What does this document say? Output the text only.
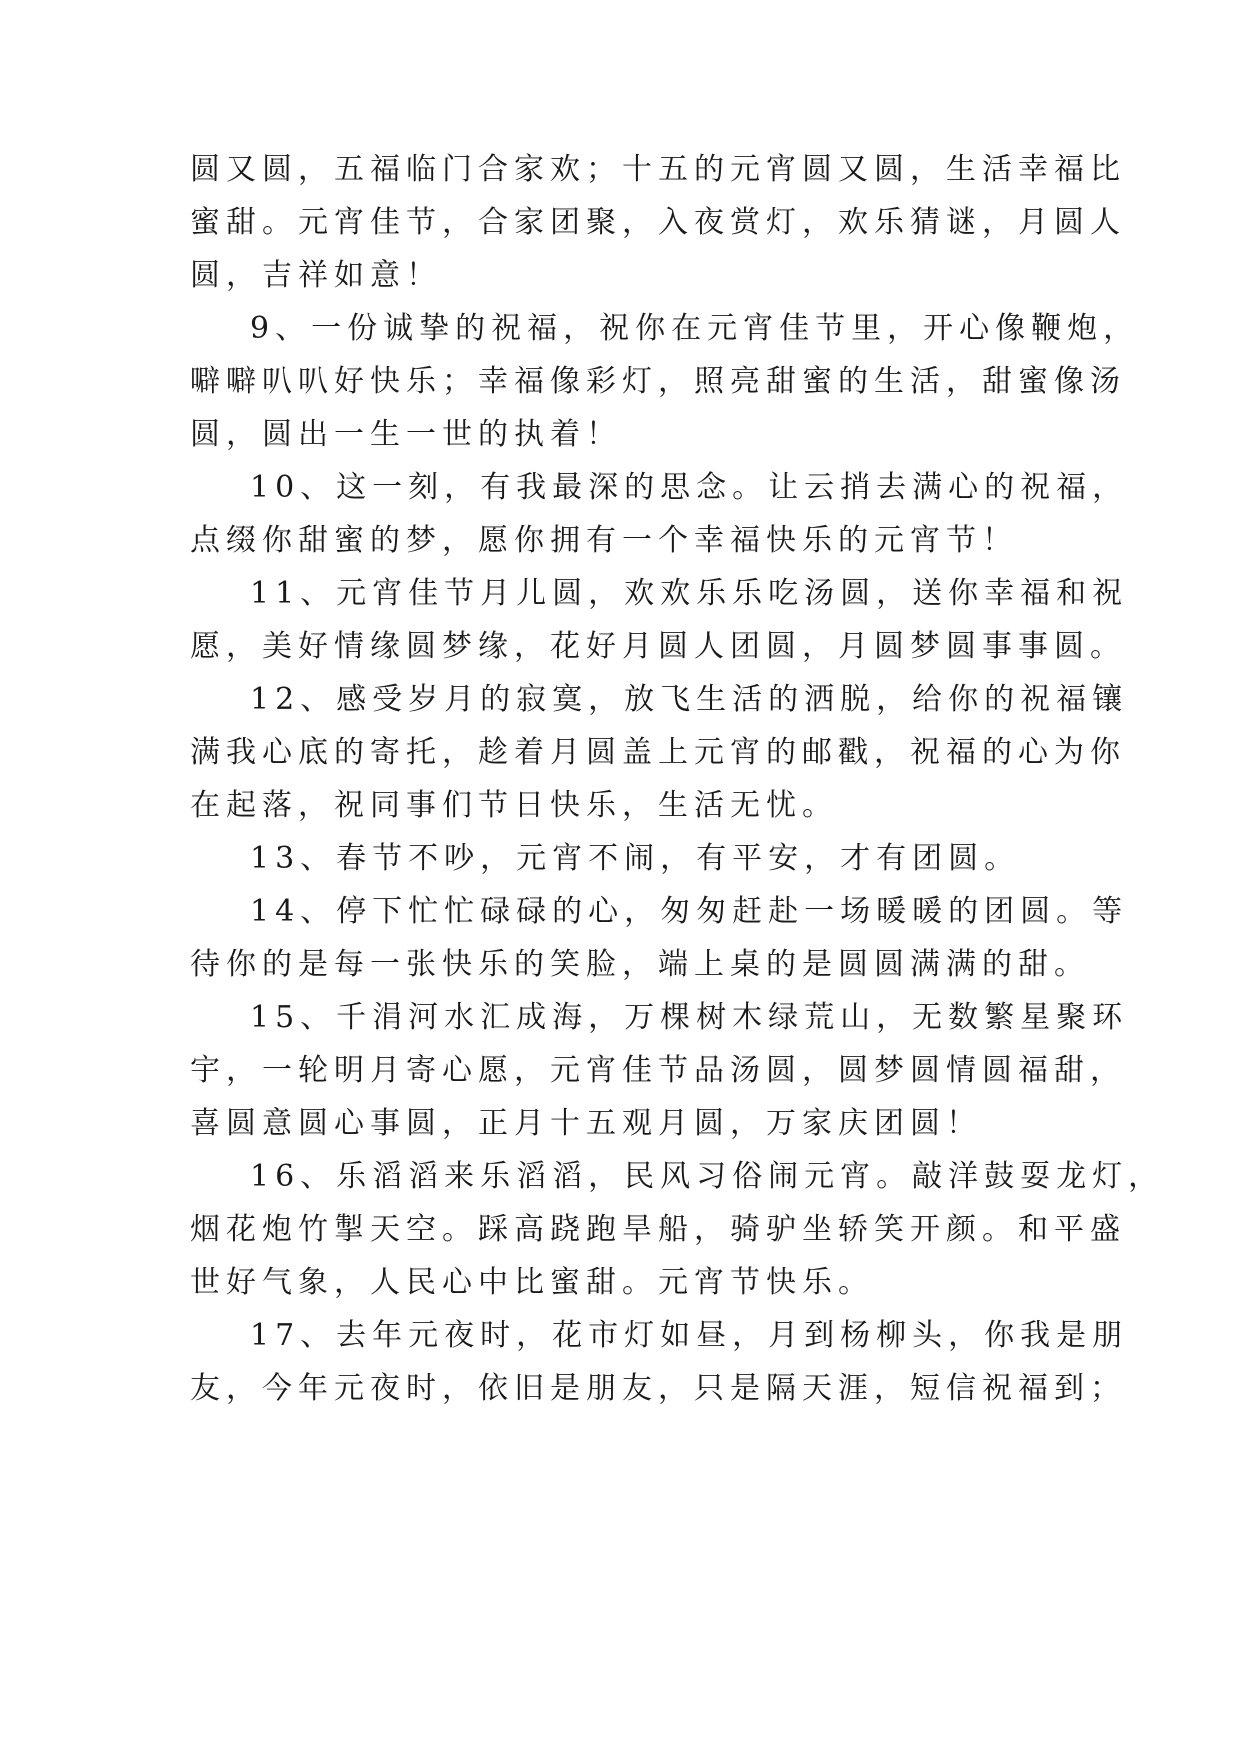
圆又圆，五福临门合家欢；十五的元宵圆又圆，生活幸福比
蜜甜。元宵佳节，合家团聚，入夜赏灯，欢乐猜谜，月圆人
圆，吉祥如意！
9、一份诚挚的祝福，祝你在元宵佳节里，开心像鞭炮，
噼噼叭叭好快乐；幸福像彩灯，照亮甜蜜的生活，甜蜜像汤
圆，圆出一生一世的执着！
10、这一刻，有我最深的思念。让云捎去满心的祝福，
点缀你甜蜜的梦，愿你拥有一个幸福快乐的元宵节！
11、元宵佳节月儿圆，欢欢乐乐吃汤圆，送你幸福和祝
愿，美好情缘圆梦缘，花好月圆人团圆，月圆梦圆事事圆。
12、感受岁月的寂寞，放飞生活的洒脱，给你的祝福镶
满我心底的寄托，趁着月圆盖上元宵的邮戳，祝福的心为你
在起落，祝同事们节日快乐，生活无忧。
13、春节不吵，元宵不闹，有平安，才有团圆。
14、停下忙忙碌碌的心，匆匆赶赴一场暖暖的团圆。等
待你的是每一张快乐的笑脸，端上桌的是圆圆满满的甜。
15、千涓河水汇成海，万棵树木绿荒山，无数繁星聚环
宇，一轮明月寄心愿，元宵佳节品汤圆，圆梦圆情圆福甜，
喜圆意圆心事圆，正月十五观月圆，万家庆团圆！
16、乐滔滔来乐滔滔，民风习俗闹元宵。敲洋鼓耍龙灯，
烟花炮竹掣天空。踩高跷跑旱船，骑驴坐轿笑开颜。和平盛
世好气象，人民心中比蜜甜。元宵节快乐。
17、去年元夜时，花市灯如昼，月到杨柳头，你我是朋
友，今年元夜时，依旧是朋友，只是隔天涯，短信祝福到；
